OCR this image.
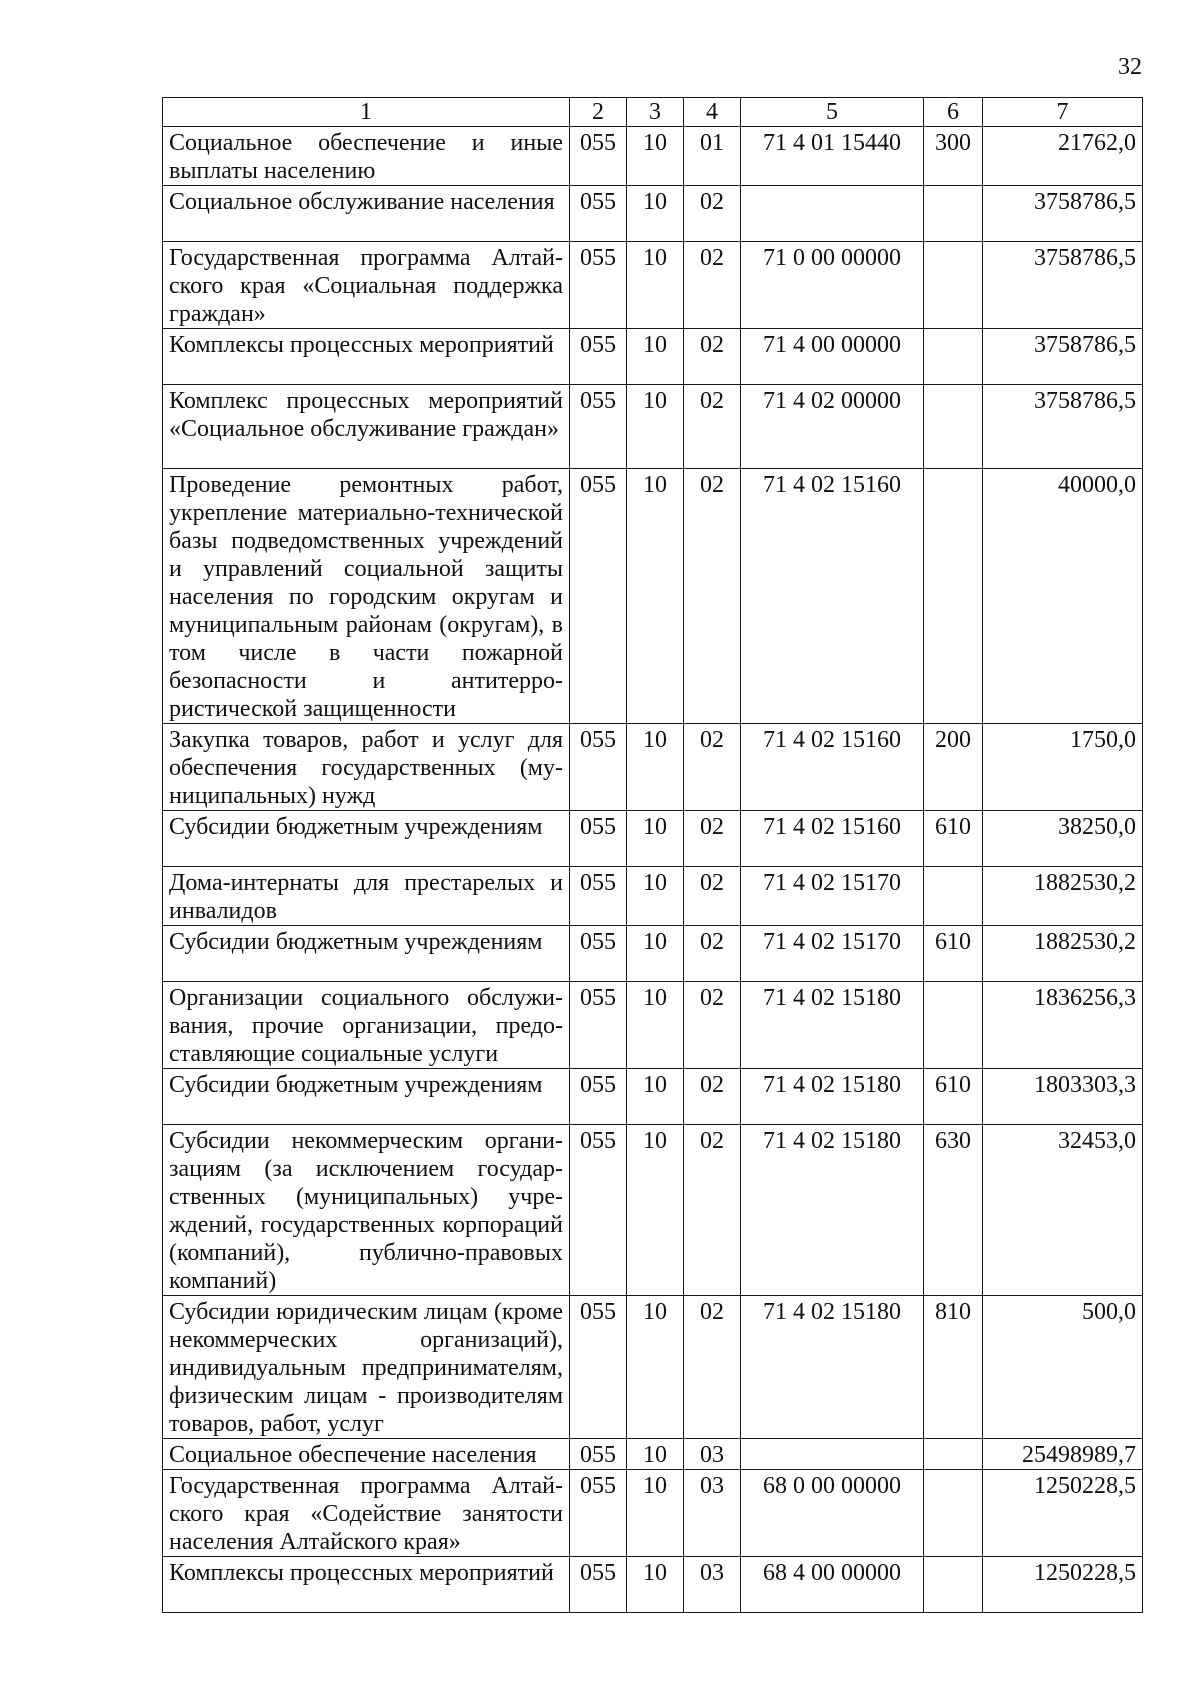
32
1	2	3	4	5	6	7
Социальное обеспечение и иные выплаты населению	055	10	01	71 4 01 15440	300	21762,0
Социальное обслуживание населения	055	10	02			3758786,5
Государственная программа Алтайского края «Социальная поддержка граждан»	055	10	02	71 0 00 00000		3758786,5
Комплексы процессных мероприятий	055	10	02	71 4 00 00000		3758786,5
Комплекс процессных мероприятий «Социальное обслуживание граждан»	055	10	02	71 4 02 00000		3758786,5
Проведение ремонтных работ, укрепление материально-технической базы подведомственных учреждений и управлений социальной защиты населения по городским округам и муниципальным районам (округам), в том числе в части пожарной безопасности и антитеррористической защищенности	055	10	02	71 4 02 15160		40000,0
Закупка товаров, работ и услуг для обеспечения государственных (муниципальных) нужд	055	10	02	71 4 02 15160	200	1750,0
Субсидии бюджетным учреждениям	055	10	02	71 4 02 15160	610	38250,0
Дома-интернаты для престарелых и инвалидов	055	10	02	71 4 02 15170		1882530,2
Субсидии бюджетным учреждениям	055	10	02	71 4 02 15170	610	1882530,2
Организации социального обслуживания, прочие организации, предоставляющие социальные услуги	055	10	02	71 4 02 15180		1836256,3
Субсидии бюджетным учреждениям	055	10	02	71 4 02 15180	610	1803303,3
Субсидии некоммерческим организациям (за исключением государственных (муниципальных) учреждений, государственных корпораций (компаний), публично-правовых компаний)	055	10	02	71 4 02 15180	630	32453,0
Субсидии юридическим лицам (кроме некоммерческих организаций), индивидуальным предпринимателям, физическим лицам - производителям товаров, работ, услуг	055	10	02	71 4 02 15180	810	500,0
Социальное обеспечение населения	055	10	03			25498989,7
Государственная программа Алтайского края «Содействие занятости населения Алтайского края»	055	10	03	68 0 00 00000		1250228,5
Комплексы процессных мероприятий	055	10	03	68 4 00 00000		1250228,5
